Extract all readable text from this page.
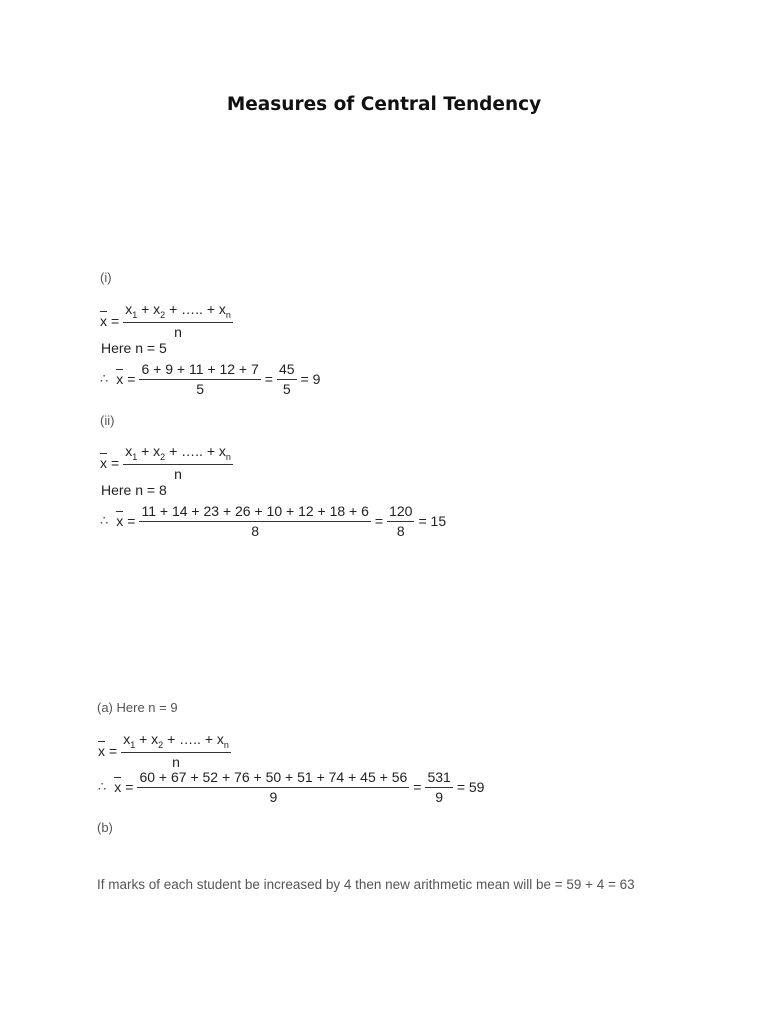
Measures of Central Tendency
(i)
$x = \frac{x_1 + x_2 + \dots.. + x_n}{n}$
Here n = 5
∴ $x = \frac{6 + 9 + 11 + 12 + 7}{5} = \frac{45}{5} = 9$
(ii)
$x = \frac{x_1 + x_2 + \dots.. + x_n}{n}$
Here n = 8
∴ $x = \frac{11 + 14 + 23 + 26 + 10 + 12 + 18 + 6}{8} = \frac{120}{8} = 15$
(a) Here n = 9
$x = \frac{x_1 + x_2 + \dots.. + x_n}{n}$
∴ $x = \frac{60 + 67 + 52 + 76 + 50 + 51 + 74 + 45 + 56}{9} = \frac{531}{9} = 59$
(b)
If marks of each student be increased by 4 then new arithmetic mean will be = 59 + 4 = 63
